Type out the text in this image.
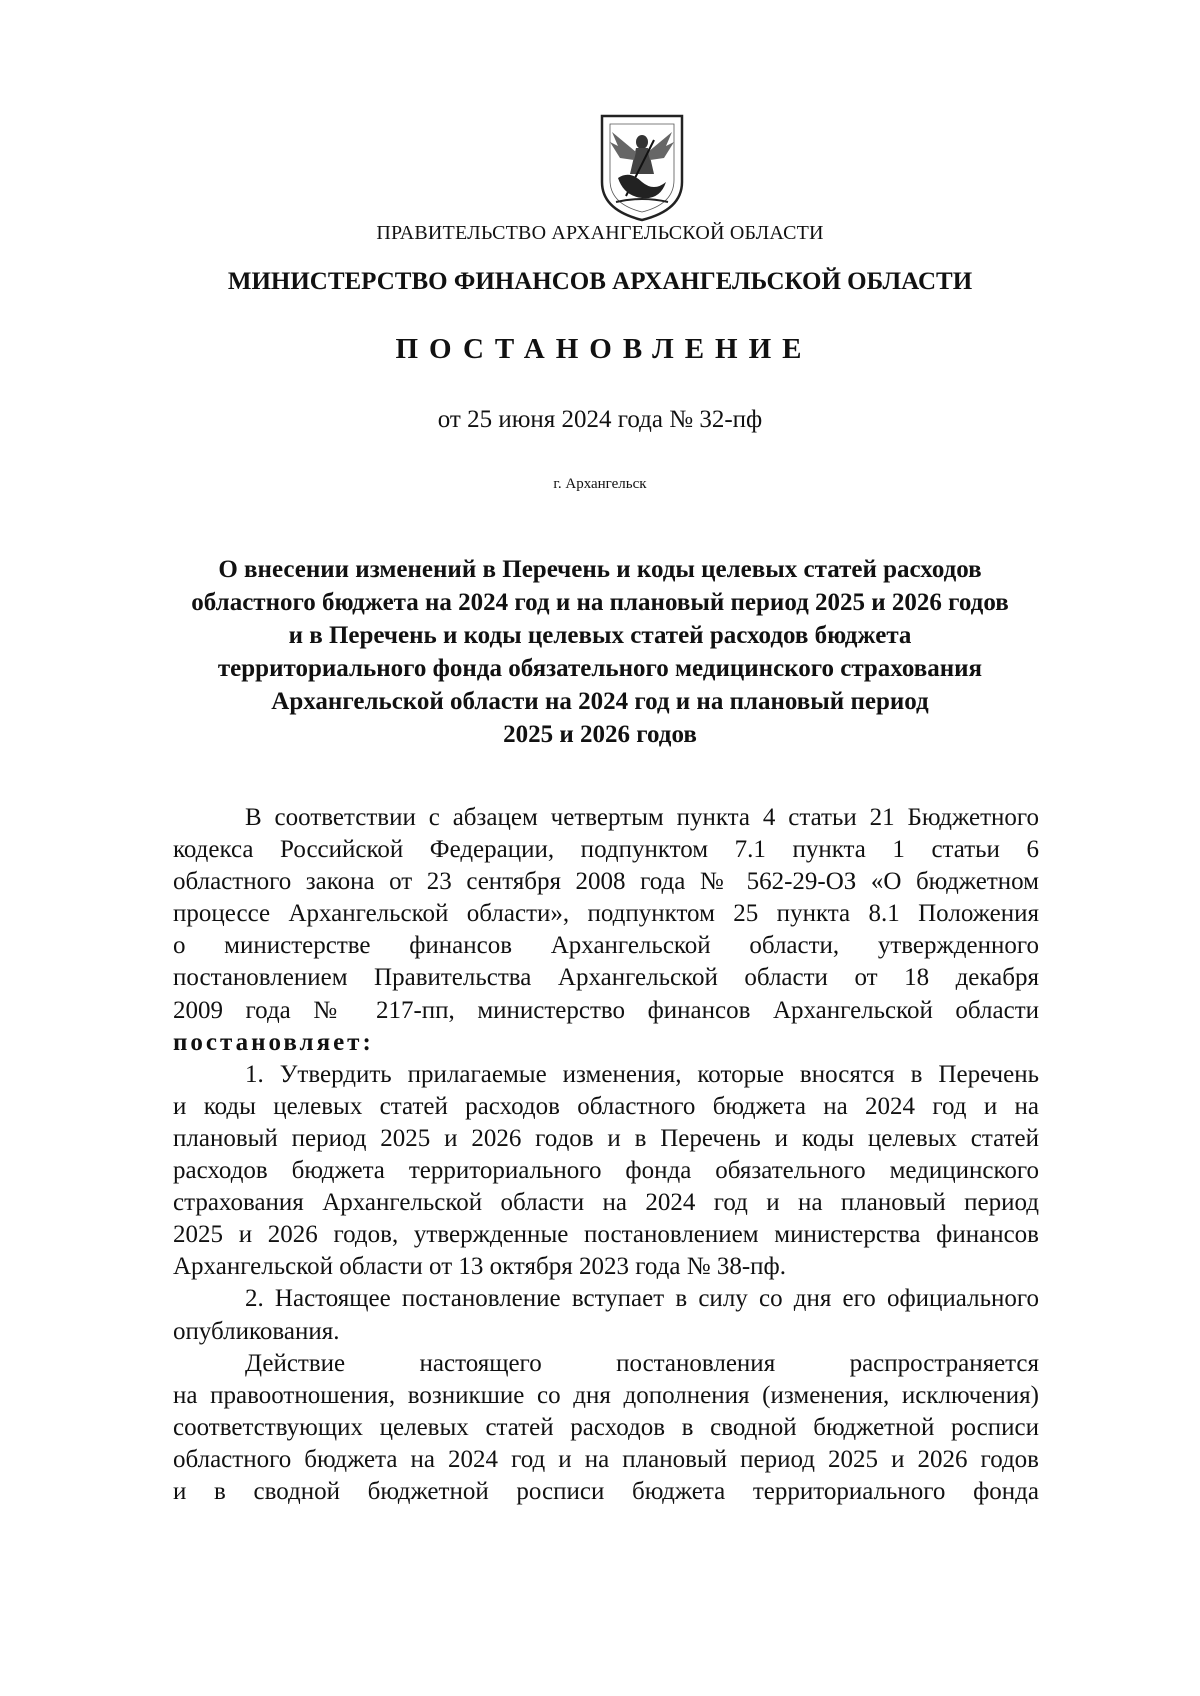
ПРАВИТЕЛЬСТВО АРХАНГЕЛЬСКОЙ ОБЛАСТИ
МИНИСТЕРСТВО ФИНАНСОВ АРХАНГЕЛЬСКОЙ ОБЛАСТИ
ПОСТАНОВЛЕНИЕ
от 25 июня 2024 года № 32-пф
г. Архангельск
О внесении изменений в Перечень и коды целевых статей расходов
областного бюджета на 2024 год и на плановый период 2025 и 2026 годов
и в Перечень и коды целевых статей расходов бюджета
территориального фонда обязательного медицинского страхования
Архангельской области на 2024 год и на плановый период
2025 и 2026 годов
В соответствии с абзацем четвертым пункта 4 статьи 21 Бюджетного
кодекса Российской Федерации, подпунктом 7.1 пункта 1 статьи 6
областного закона от 23 сентября 2008 года № 562-29-ОЗ «О бюджетном
процессе Архангельской области», подпунктом 25 пункта 8.1 Положения
о министерстве финансов Архангельской области, утвержденного
постановлением Правительства Архангельской области от 18 декабря
2009 года № 217-пп, министерство финансов Архангельской области
постановляет:
1. Утвердить прилагаемые изменения, которые вносятся в Перечень
и коды целевых статей расходов областного бюджета на 2024 год и на
плановый период 2025 и 2026 годов и в Перечень и коды целевых статей
расходов бюджета территориального фонда обязательного медицинского
страхования Архангельской области на 2024 год и на плановый период
2025 и 2026 годов, утвержденные постановлением министерства финансов
Архангельской области от 13 октября 2023 года № 38-пф.
2. Настоящее постановление вступает в силу со дня его официального
опубликования.
Действие настоящего постановления распространяется
на правоотношения, возникшие со дня дополнения (изменения, исключения)
соответствующих целевых статей расходов в сводной бюджетной росписи
областного бюджета на 2024 год и на плановый период 2025 и 2026 годов
и в сводной бюджетной росписи бюджета территориального фонда
